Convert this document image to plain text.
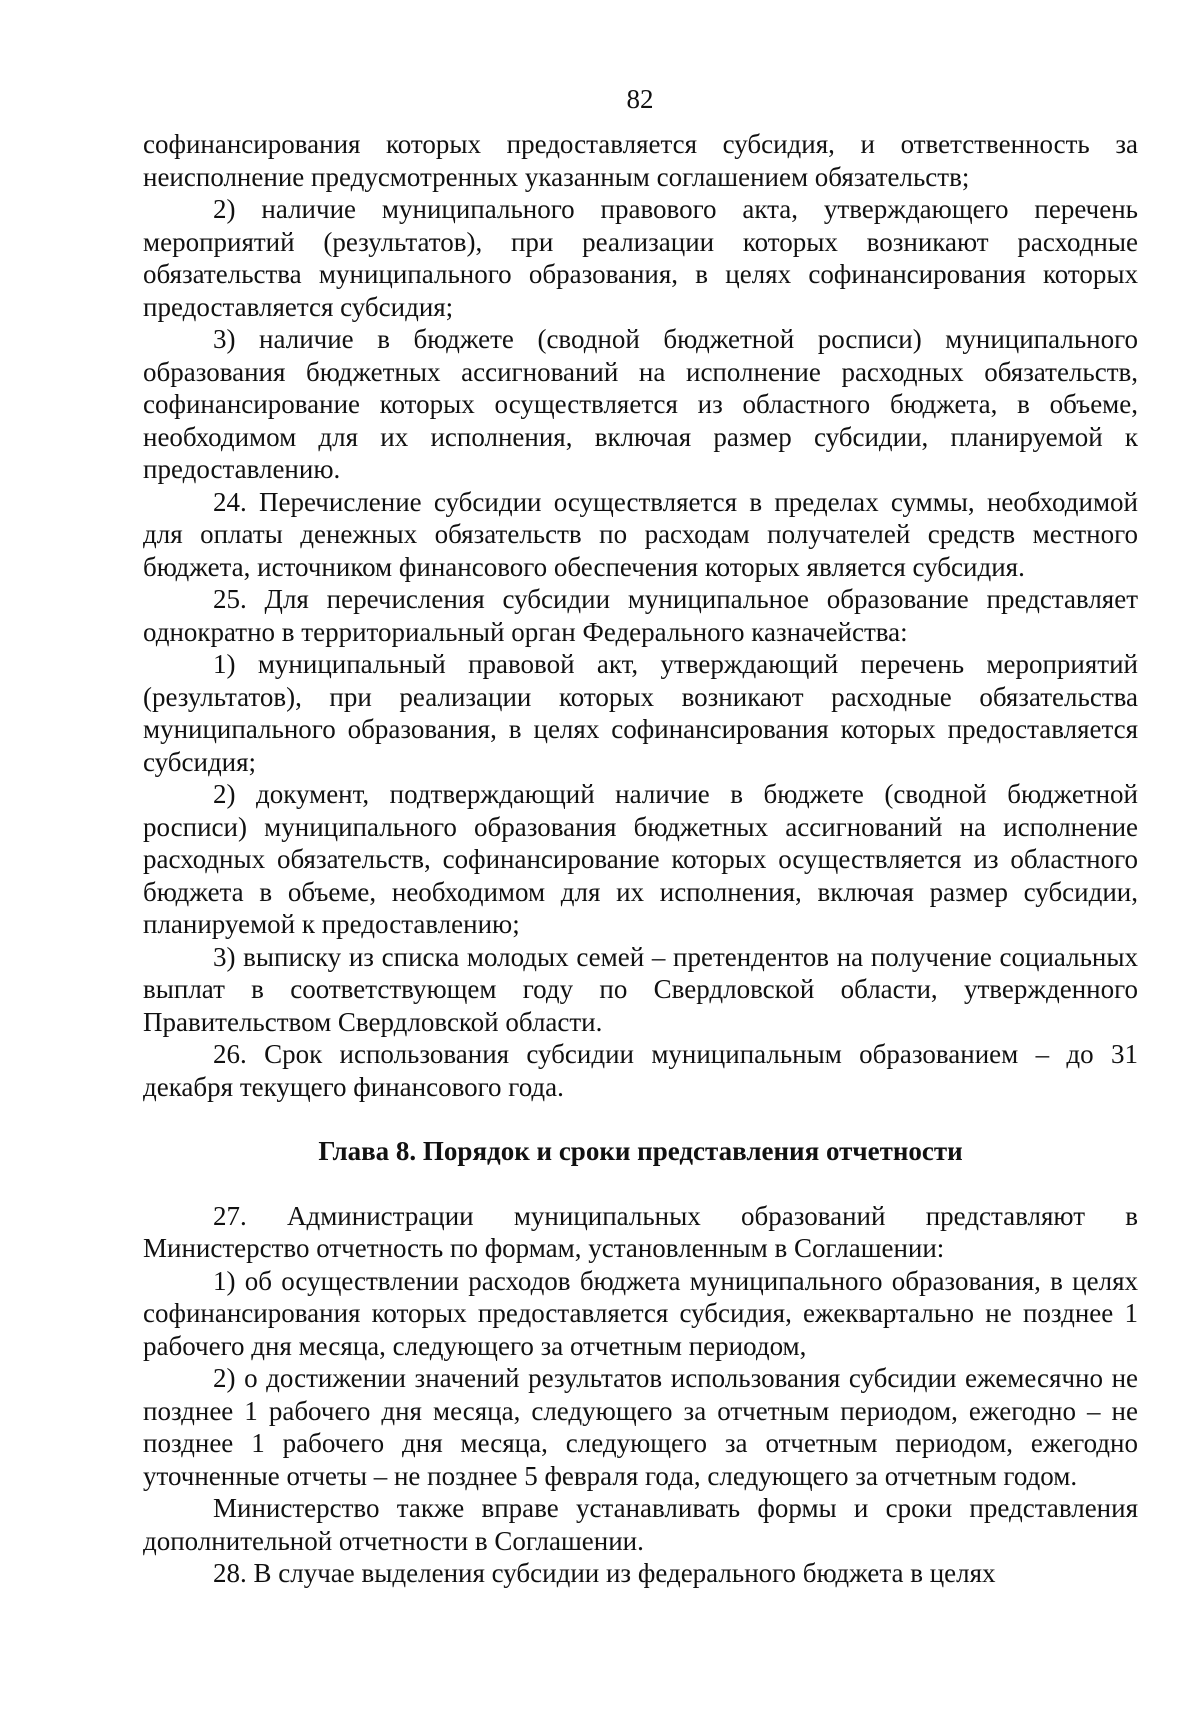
82

софинансирования которых предоставляется субсидия, и ответственность за неисполнение предусмотренных указанным соглашением обязательств;

2) наличие муниципального правового акта, утверждающего перечень мероприятий (результатов), при реализации которых возникают расходные обязательства муниципального образования, в целях софинансирования которых предоставляется субсидия;

3) наличие в бюджете (сводной бюджетной росписи) муниципального образования бюджетных ассигнований на исполнение расходных обязательств, софинансирование которых осуществляется из областного бюджета, в объеме, необходимом для их исполнения, включая размер субсидии, планируемой к предоставлению.

24. Перечисление субсидии осуществляется в пределах суммы, необходимой для оплаты денежных обязательств по расходам получателей средств местного бюджета, источником финансового обеспечения которых является субсидия.

25. Для перечисления субсидии муниципальное образование представляет однократно в территориальный орган Федерального казначейства:

1) муниципальный правовой акт, утверждающий перечень мероприятий (результатов), при реализации которых возникают расходные обязательства муниципального образования, в целях софинансирования которых предоставляется субсидия;

2) документ, подтверждающий наличие в бюджете (сводной бюджетной росписи) муниципального образования бюджетных ассигнований на исполнение расходных обязательств, софинансирование которых осуществляется из областного бюджета в объеме, необходимом для их исполнения, включая размер субсидии, планируемой к предоставлению;

3) выписку из списка молодых семей – претендентов на получение социальных выплат в соответствующем году по Свердловской области, утвержденного Правительством Свердловской области.

26. Срок использования субсидии муниципальным образованием – до 31 декабря текущего финансового года.

Глава 8. Порядок и сроки представления отчетности

27. Администрации муниципальных образований представляют в Министерство отчетность по формам, установленным в Соглашении:

1) об осуществлении расходов бюджета муниципального образования, в целях софинансирования которых предоставляется субсидия, ежеквартально не позднее 1 рабочего дня месяца, следующего за отчетным периодом,

2) о достижении значений результатов использования субсидии ежемесячно не позднее 1 рабочего дня месяца, следующего за отчетным периодом, ежегодно – не позднее 1 рабочего дня месяца, следующего за отчетным периодом, ежегодно уточненные отчеты – не позднее 5 февраля года, следующего за отчетным годом.

Министерство также вправе устанавливать формы и сроки представления дополнительной отчетности в Соглашении.

28. В случае выделения субсидии из федерального бюджета в целях
